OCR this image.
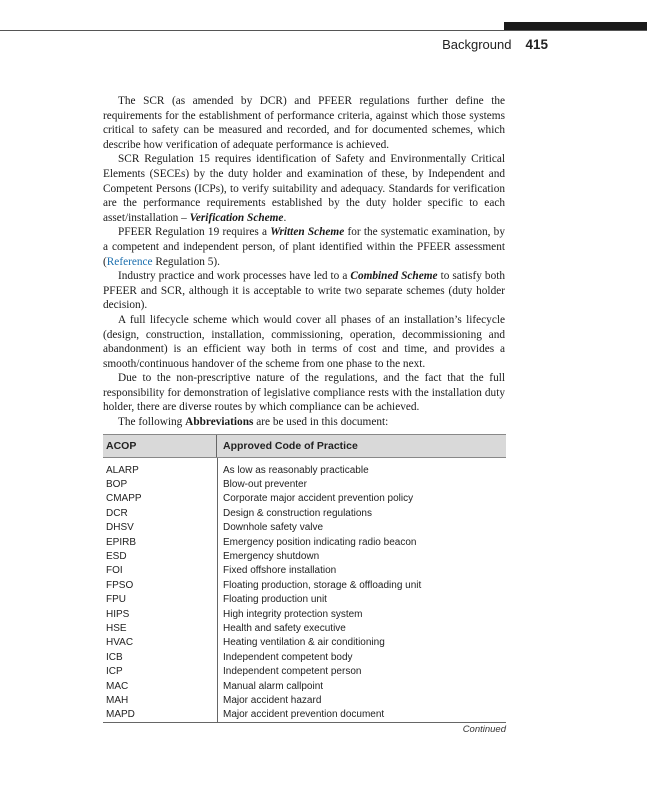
Background 415

The SCR (as amended by DCR) and PFEER regulations further define the requirements for the establishment of performance criteria, against which those systems critical to safety can be measured and recorded, and for documented schemes, which describe how verification of adequate performance is achieved.

SCR Regulation 15 requires identification of Safety and Environmentally Critical Elements (SECEs) by the duty holder and examination of these, by Independent and Competent Persons (ICPs), to verify suitability and adequacy. Standards for verification are the performance requirements established by the duty holder specific to each asset/installation – Verification Scheme.

PFEER Regulation 19 requires a Written Scheme for the systematic examination, by a competent and independent person, of plant identified within the PFEER assessment (Reference Regulation 5).

Industry practice and work processes have led to a Combined Scheme to satisfy both PFEER and SCR, although it is acceptable to write two separate schemes (duty holder decision).

A full lifecycle scheme which would cover all phases of an installation’s lifecycle (design, construction, installation, commissioning, operation, decommissioning and abandonment) is an efficient way both in terms of cost and time, and provides a smooth/continuous handover of the scheme from one phase to the next.

Due to the non-prescriptive nature of the regulations, and the fact that the full responsibility for demonstration of legislative compliance rests with the installation duty holder, there are diverse routes by which compliance can be achieved.

The following Abbreviations are be used in this document:

ACOP	Approved Code of Practice
ALARP	As low as reasonably practicable
BOP	Blow-out preventer
CMAPP	Corporate major accident prevention policy
DCR	Design & construction regulations
DHSV	Downhole safety valve
EPIRB	Emergency position indicating radio beacon
ESD	Emergency shutdown
FOI	Fixed offshore installation
FPSO	Floating production, storage & offloading unit
FPU	Floating production unit
HIPS	High integrity protection system
HSE	Health and safety executive
HVAC	Heating ventilation & air conditioning
ICB	Independent competent body
ICP	Independent competent person
MAC	Manual alarm callpoint
MAH	Major accident hazard
MAPD	Major accident prevention document
Continued
